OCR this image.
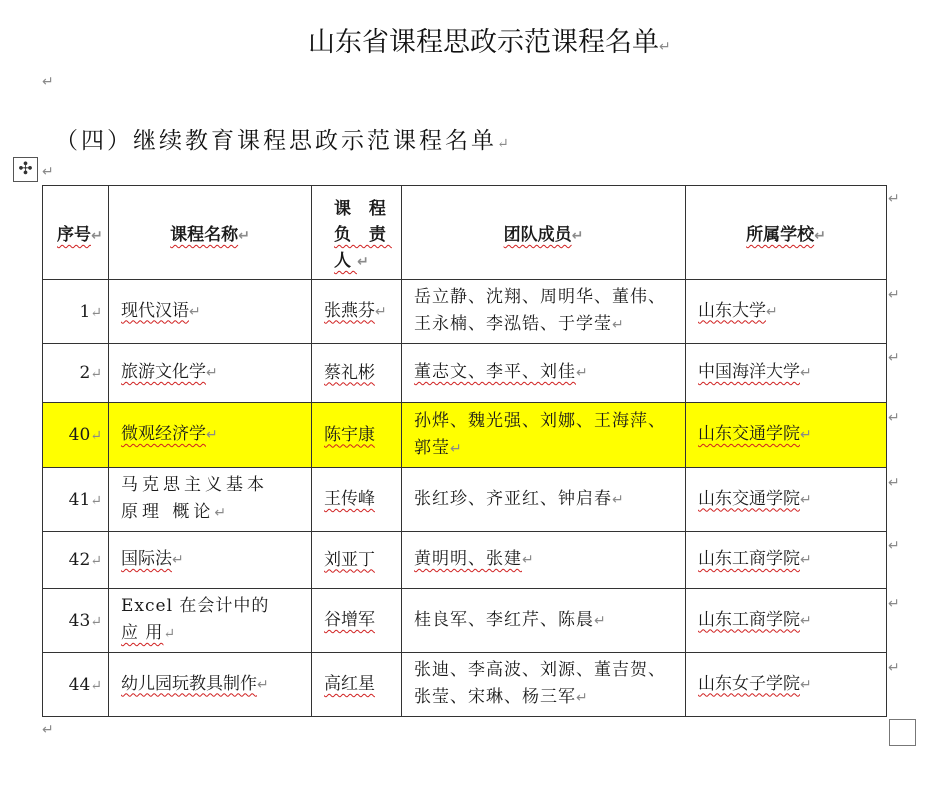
山东省课程思政示范课程名单↵
↵
（四）继续教育课程思政示范课程名单↵
✣ ↵
序号↵	课程名称↵	课 程
负 责
人↵	团队成员↵	所属学校↵
1↵	现代汉语↵	张燕芬↵	岳立静、沈翔、周明华、董伟、
王永楠、李泓锆、于学莹↵	山东大学↵
2↵	旅游文化学↵	蔡礼彬	董志文、李平、刘佳↵	中国海洋大学↵
40↵	微观经济学↵	陈宇康	孙烨、魏光强、刘娜、王海萍、
郭莹↵	山东交通学院↵
41↵	马克思主义基本
原理 概论↵	王传峰	张红珍、齐亚红、钟启春↵	山东交通学院↵
42↵	国际法↵	刘亚丁	黄明明、张建↵	山东工商学院↵
43↵	Excel 在会计中的
应 用↵	谷增军	桂良军、李红芹、陈晨↵	山东工商学院↵
44↵	幼儿园玩教具制作↵	高红星	张迪、李高波、刘源、董吉贺、
张莹、宋琳、杨三军↵	山东女子学院↵
↵
↵
↵
↵
↵
↵
↵
↵
↵
